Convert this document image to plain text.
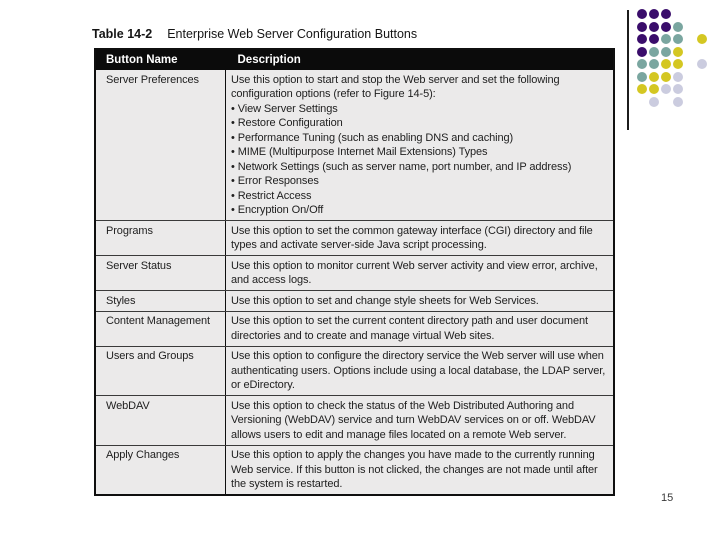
Table 14-2 Enterprise Web Server Configuration Buttons
Button Name	Description
Server Preferences	Use this option to start and stop the Web server and set the following configuration options (refer to Figure 14-5):
• View Server Settings
• Restore Configuration
• Performance Tuning (such as enabling DNS and caching)
• MIME (Multipurpose Internet Mail Extensions) Types
• Network Settings (such as server name, port number, and IP address)
• Error Responses
• Restrict Access
• Encryption On/Off
Programs	Use this option to set the common gateway interface (CGI) directory and file types and activate server-side Java script processing.
Server Status	Use this option to monitor current Web server activity and view error, archive, and access logs.
Styles	Use this option to set and change style sheets for Web Services.
Content Management	Use this option to set the current content directory path and user document directories and to create and manage virtual Web sites.
Users and Groups	Use this option to configure the directory service the Web server will use when authenticating users. Options include using a local database, the LDAP server, or eDirectory.
WebDAV	Use this option to check the status of the Web Distributed Authoring and Versioning (WebDAV) service and turn WebDAV services on or off. WebDAV allows users to edit and manage files located on a remote Web server.
Apply Changes	Use this option to apply the changes you have made to the currently running Web service. If this button is not clicked, the changes are not made until after the system is restarted.
15
